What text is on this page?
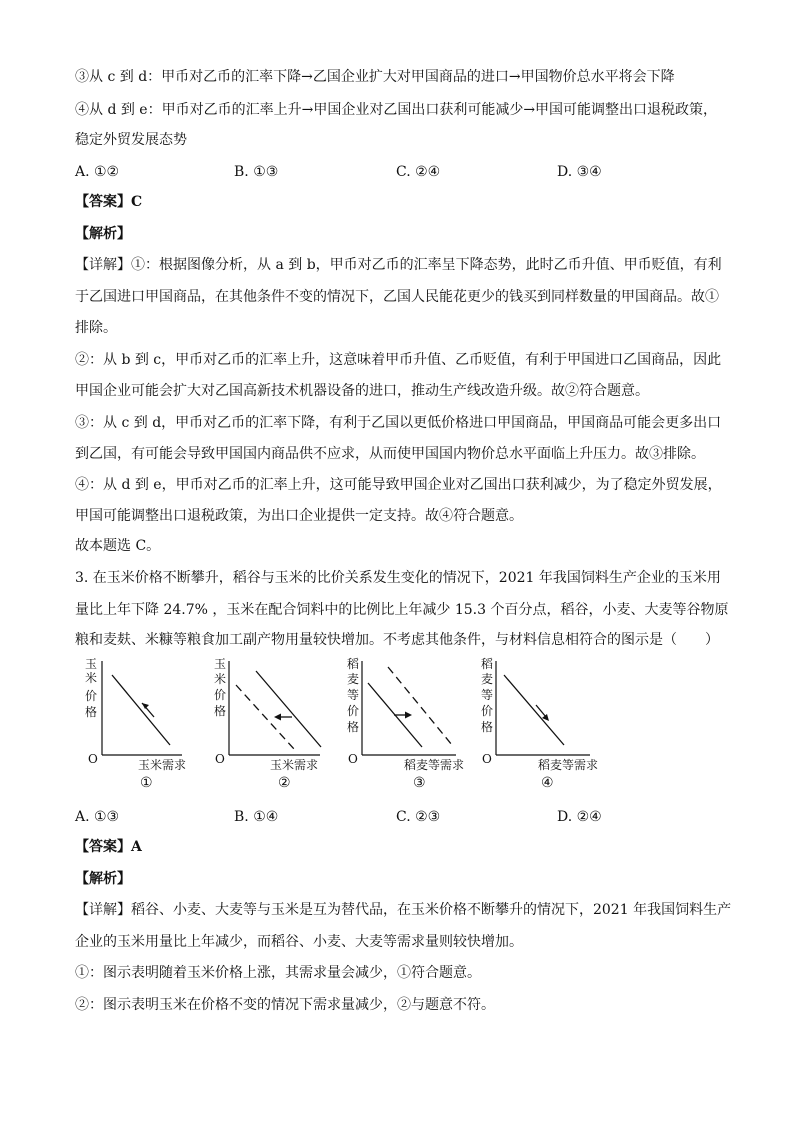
③从 c 到 d：甲币对乙币的汇率下降→乙国企业扩大对甲国商品的进口→甲国物价总水平将会下降
④从 d 到 e：甲币对乙币的汇率上升→甲国企业对乙国出口获利可能减少→甲国可能调整出口退税政策，
稳定外贸发展态势
A. ①②	B. ①③	C. ②④	D. ③④
【答案】C
【解析】
【详解】①：根据图像分析，从 a 到 b，甲币对乙币的汇率呈下降态势，此时乙币升值、甲币贬值，有利
于乙国进口甲国商品，在其他条件不变的情况下，乙国人民能花更少的钱买到同样数量的甲国商品。故①
排除。
②：从 b 到 c，甲币对乙币的汇率上升，这意味着甲币升值、乙币贬值，有利于甲国进口乙国商品，因此
甲国企业可能会扩大对乙国高新技术机器设备的进口，推动生产线改造升级。故②符合题意。
③：从 c 到 d，甲币对乙币的汇率下降，有利于乙国以更低价格进口甲国商品，甲国商品可能会更多出口
到乙国，有可能会导致甲国国内商品供不应求，从而使甲国国内物价总水平面临上升压力。故③排除。
④：从 d 到 e，甲币对乙币的汇率上升，这可能导致甲国企业对乙国出口获利减少，为了稳定外贸发展，
甲国可能调整出口退税政策，为出口企业提供一定支持。故④符合题意。
故本题选 C。
3. 在玉米价格不断攀升，稻谷与玉米的比价关系发生变化的情况下，2021 年我国饲料生产企业的玉米用
量比上年下降 24.7% ，玉米在配合饲料中的比例比上年减少 15.3 个百分点，稻谷，小麦、大麦等谷物原
粮和麦麸、米糠等粮食加工副产物用量较快增加。不考虑其他条件，与材料信息相符合的图示是（　　）
玉
米
价
格
O	玉米需求
①
玉
米
价
格
O	玉米需求
②
稻
麦
等
价
格
O	稻麦等需求
③
稻
麦
等
价
格
O	稻麦等需求
④
A. ①③	B. ①④	C. ②③	D. ②④
【答案】A
【解析】
【详解】稻谷、小麦、大麦等与玉米是互为替代品，在玉米价格不断攀升的情况下，2021 年我国饲料生产
企业的玉米用量比上年减少，而稻谷、小麦、大麦等需求量则较快增加。
①：图示表明随着玉米价格上涨，其需求量会减少，①符合题意。
②：图示表明玉米在价格不变的情况下需求量减少，②与题意不符。
